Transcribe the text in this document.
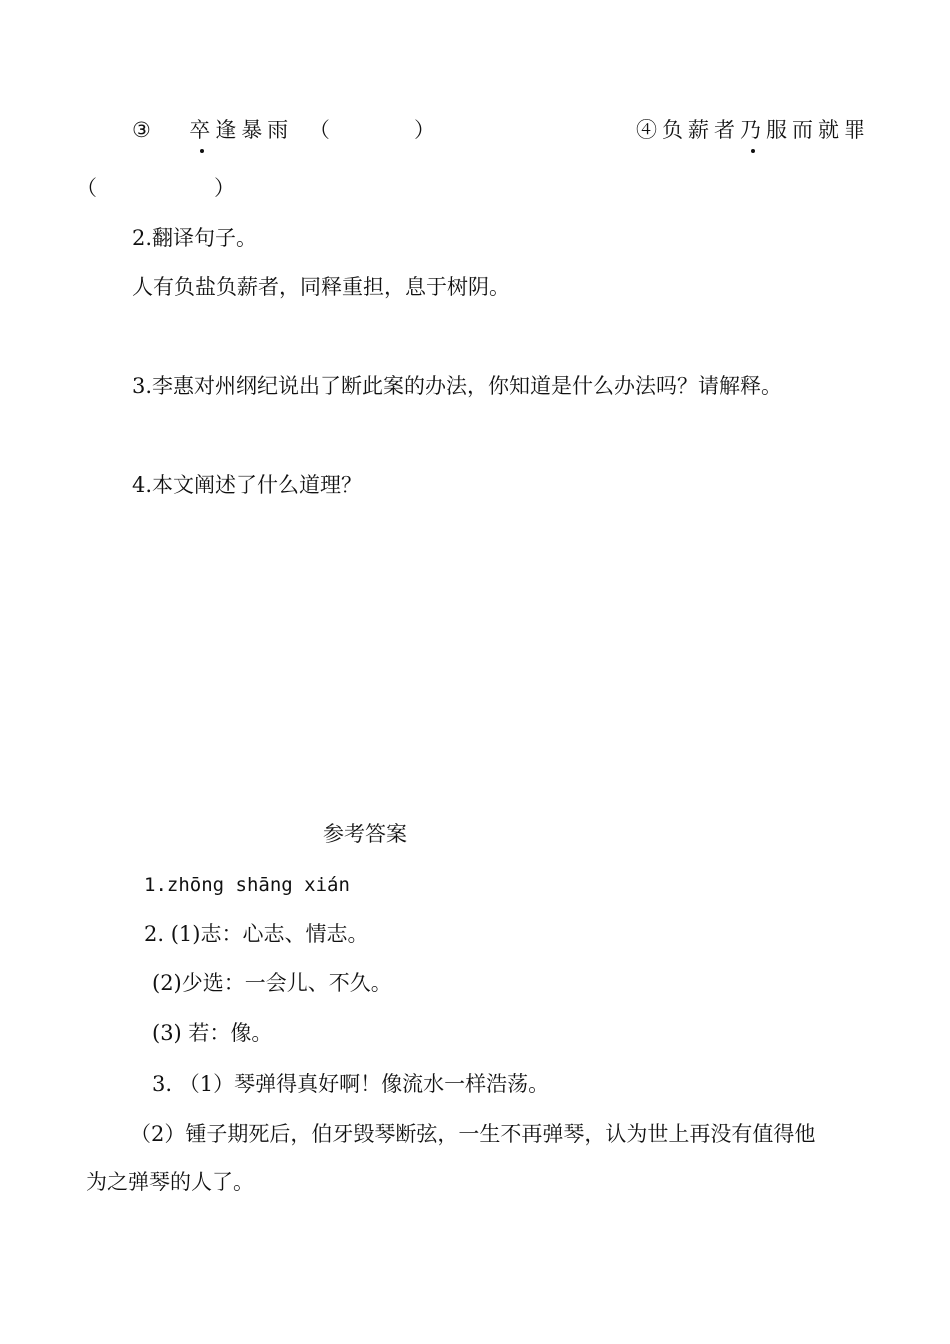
③ 卒逢暴雨 （	）	④负薪者乃服而就罪
（	）
2.翻译句子。
人有负盐负薪者，同释重担，息于树阴。
3.李惠对州纲纪说出了断此案的办法，你知道是什么办法吗？请解释。
4.本文阐述了什么道理？
参考答案
1.zhōng shāng xián
2. (1)志：心志、情志。
(2)少选：一会儿、不久。
(3) 若：像。
3. （1）琴弹得真好啊！像流水一样浩荡。
（2）锺子期死后，伯牙毁琴断弦，一生不再弹琴，认为世上再没有值得他
为之弹琴的人了。
